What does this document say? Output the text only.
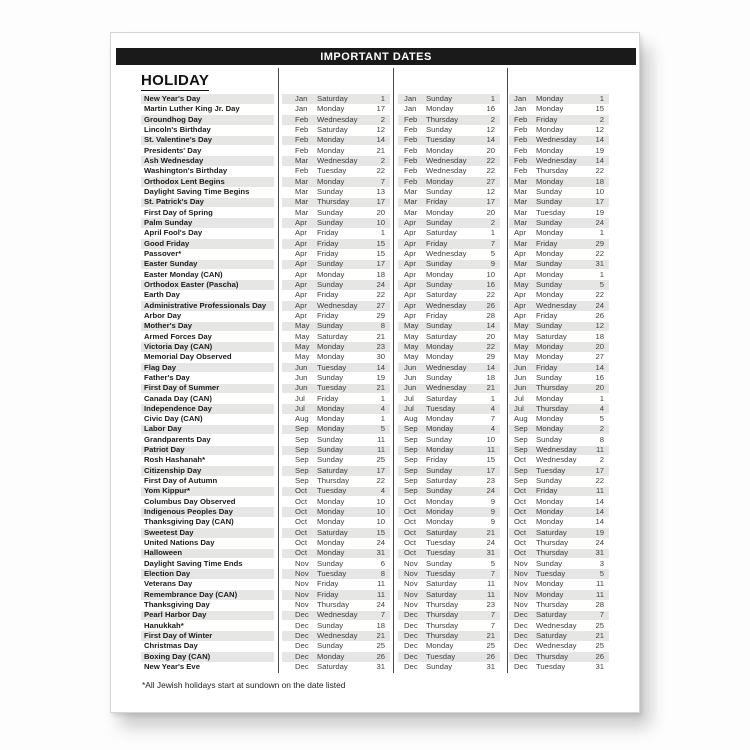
IMPORTANT DATES
HOLIDAY
New Year's Day	Jan	Saturday	1	Jan	Sunday	1	Jan	Monday	1
Martin Luther King Jr. Day	Jan	Monday	17	Jan	Monday	16	Jan	Monday	15
Groundhog Day	Feb	Wednesday	2	Feb	Thursday	2	Feb	Friday	2
Lincoln's Birthday	Feb	Saturday	12	Feb	Sunday	12	Feb	Monday	12
St. Valentine's Day	Feb	Monday	14	Feb	Tuesday	14	Feb	Wednesday	14
Presidents' Day	Feb	Monday	21	Feb	Monday	20	Feb	Monday	19
Ash Wednesday	Mar	Wednesday	2	Feb	Wednesday	22	Feb	Wednesday	14
Washington's Birthday	Feb	Tuesday	22	Feb	Wednesday	22	Feb	Thursday	22
Orthodox Lent Begins	Mar	Monday	7	Feb	Monday	27	Mar	Monday	18
Daylight Saving Time Begins	Mar	Sunday	13	Mar	Sunday	12	Mar	Sunday	10
St. Patrick's Day	Mar	Thursday	17	Mar	Friday	17	Mar	Sunday	17
First Day of Spring	Mar	Sunday	20	Mar	Monday	20	Mar	Tuesday	19
Palm Sunday	Apr	Sunday	10	Apr	Sunday	2	Mar	Sunday	24
April Fool's Day	Apr	Friday	1	Apr	Saturday	1	Apr	Monday	1
Good Friday	Apr	Friday	15	Apr	Friday	7	Mar	Friday	29
Passover*	Apr	Friday	15	Apr	Wednesday	5	Apr	Monday	22
Easter Sunday	Apr	Sunday	17	Apr	Sunday	9	Mar	Sunday	31
Easter Monday (CAN)	Apr	Monday	18	Apr	Monday	10	Apr	Monday	1
Orthodox Easter (Pascha)	Apr	Sunday	24	Apr	Sunday	16	May Sunday	5
Earth Day	Apr	Friday	22	Apr	Saturday	22	Apr	Monday	22
Administrative Professionals Day	Apr	Wednesday	27	Apr	Wednesday	26	Apr	Wednesday	24
Arbor Day	Apr	Friday	29	Apr	Friday	28	Apr	Friday	26
Mother's Day	May Sunday	8	May Sunday	14	May Sunday	12
Armed Forces Day	May Saturday	21	May Saturday	20	May Saturday	18
Victoria Day (CAN)	May Monday	23	May Monday	22	May Monday	20
Memorial Day Observed	May Monday	30	May Monday	29	May Monday	27
Flag Day	Jun	Tuesday	14	Jun	Wednesday	14	Jun	Friday	14
Father's Day	Jun	Sunday	19	Jun	Sunday	18	Jun	Sunday	16
First Day of Summer	Jun	Tuesday	21	Jun	Wednesday	21	Jun	Thursday	20
Canada Day (CAN)	Jul	Friday	1	Jul	Saturday	1	Jul	Monday	1
Independence Day	Jul	Monday	4	Jul	Tuesday	4	Jul	Thursday	4
Civic Day (CAN)	Aug	Monday	1	Aug	Monday	7	Aug	Monday	5
Labor Day	Sep	Monday	5	Sep	Monday	4	Sep	Monday	2
Grandparents Day	Sep	Sunday	11	Sep	Sunday	10	Sep	Sunday	8
Patriot Day	Sep	Sunday	11	Sep	Monday	11	Sep	Wednesday	11
Rosh Hashanah*	Sep	Sunday	25	Sep	Friday	15	Oct	Wednesday	2
Citizenship Day	Sep	Saturday	17	Sep	Sunday	17	Sep	Tuesday	17
First Day of Autumn	Sep	Thursday	22	Sep	Saturday	23	Sep	Sunday	22
Yom Kippur*	Oct	Tuesday	4	Sep	Sunday	24	Oct	Friday	11
Columbus Day Observed	Oct	Monday	10	Oct	Monday	9	Oct	Monday	14
Indigenous Peoples Day	Oct	Monday	10	Oct	Monday	9	Oct	Monday	14
Thanksgiving Day (CAN)	Oct	Monday	10	Oct	Monday	9	Oct	Monday	14
Sweetest Day	Oct	Saturday	15	Oct	Saturday	21	Oct	Saturday	19
United Nations Day	Oct	Monday	24	Oct	Tuesday	24	Oct	Thursday	24
Halloween	Oct	Monday	31	Oct	Tuesday	31	Oct	Thursday	31
Daylight Saving Time Ends	Nov	Sunday	6	Nov	Sunday	5	Nov	Sunday	3
Election Day	Nov	Tuesday	8	Nov	Tuesday	7	Nov	Tuesday	5
Veterans Day	Nov	Friday	11	Nov	Saturday	11	Nov	Monday	11
Remembrance Day (CAN)	Nov	Friday	11	Nov	Saturday	11	Nov	Monday	11
Thanksgiving Day	Nov	Thursday	24	Nov	Thursday	23	Nov	Thursday	28
Pearl Harbor Day	Dec	Wednesday	7	Dec	Thursday	7	Dec	Saturday	7
Hanukkah*	Dec	Sunday	18	Dec	Thursday	7	Dec	Wednesday	25
First Day of Winter	Dec	Wednesday	21	Dec	Thursday	21	Dec	Saturday	21
Christmas Day	Dec	Sunday	25	Dec	Monday	25	Dec	Wednesday	25
Boxing Day (CAN)	Dec	Monday	26	Dec	Tuesday	26	Dec	Thursday	26
New Year's Eve	Dec	Saturday	31	Dec	Sunday	31	Dec	Tuesday	31
*All Jewish holidays start at sundown on the date listed
